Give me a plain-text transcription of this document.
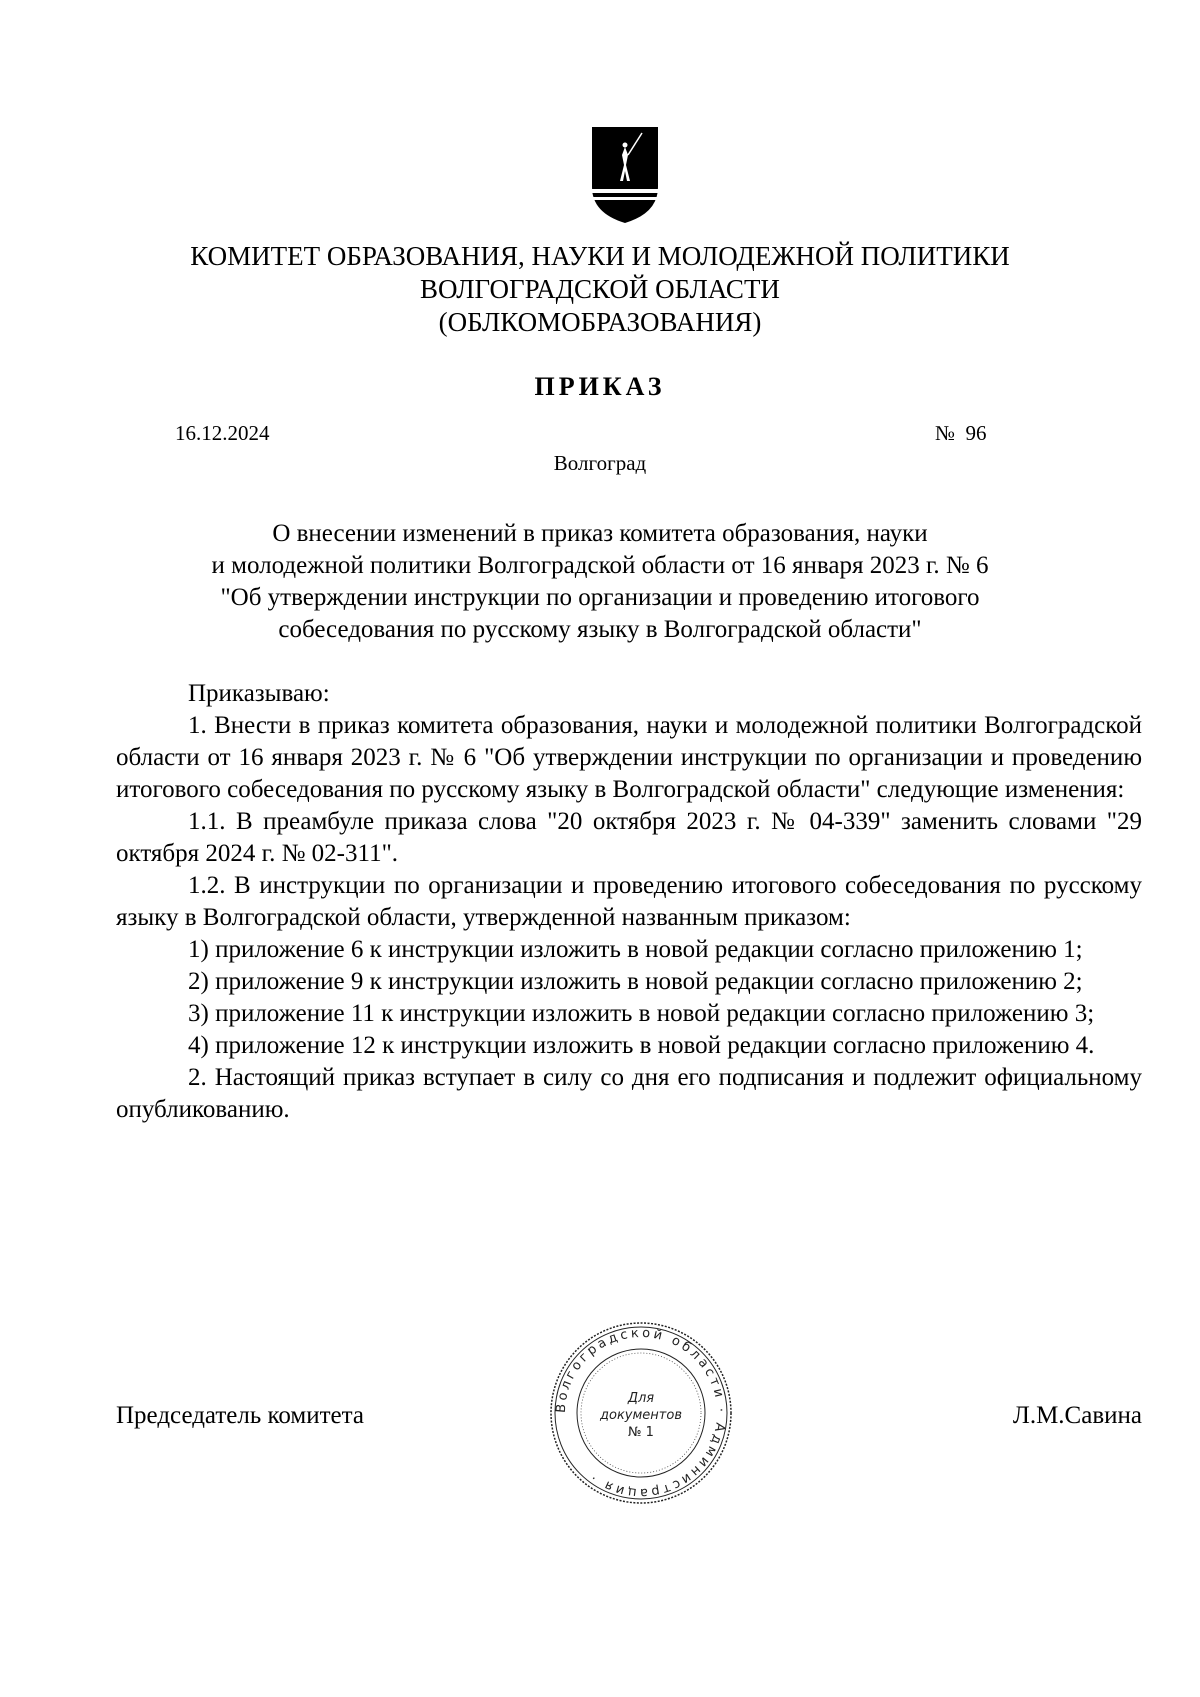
КОМИТЕТ ОБРАЗОВАНИЯ, НАУКИ И МОЛОДЕЖНОЙ ПОЛИТИКИ
ВОЛГОГРАДСКОЙ ОБЛАСТИ
(ОБЛКОМОБРАЗОВАНИЯ)
ПРИКАЗ
16.12.2024	№  96
Волгоград
О внесении изменений в приказ комитета образования, науки
и молодежной политики Волгоградской области от 16 января 2023 г. № 6
"Об утверждении инструкции по организации и проведению итогового
собеседования по русскому языку в Волгоградской области"

Приказываю:

1. Внести в приказ комитета образования, науки и молодежной политики Волгоградской области от 16 января 2023 г. № 6 "Об утверждении инструкции по организации и проведению итогового собеседования по русскому языку в Волгоградской области" следующие изменения:

1.1. В преамбуле приказа слова "20 октября 2023 г. № 04-339" заменить словами "29 октября 2024 г. № 02-311".

1.2. В инструкции по организации и проведению итогового собеседования по русскому языку в Волгоградской области, утвержденной названным приказом:

1) приложение 6 к инструкции изложить в новой редакции согласно приложению 1;

2) приложение 9 к инструкции изложить в новой редакции согласно приложению 2;

3) приложение 11 к инструкции изложить в новой редакции согласно приложению 3;

4) приложение 12 к инструкции изложить в новой редакции согласно приложению 4.

2. Настоящий приказ вступает в силу со дня его подписания и подлежит официальному опубликованию.

Председатель комитета	Л.М.Савина
Волгоградской области · Администрация ·
Для
документов
№ 1
